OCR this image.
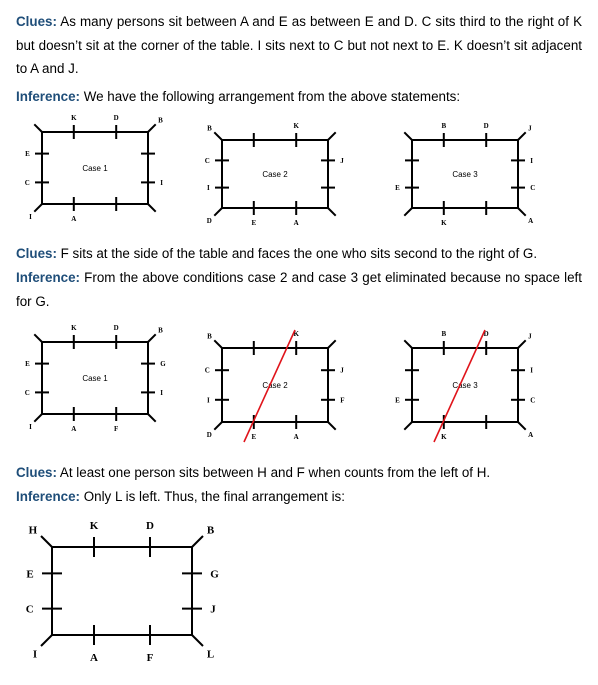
Clues: As many persons sit between A and E as between E and D. C sits third to the right of K but doesn’t sit at the corner of the table. I sits next to C but not next to E. K doesn’t sit adjacent to A and J.
Inference: We have the following arrangement from the above statements:
K	D	B
E
C	I
I	A
Case 1
K
B
C
I
J
D	E	A
Case 2
B	D	J
E
I
C
A
K
Case 3
Clues: F sits at the side of the table and faces the one who sits second to the right of G.
Inference: From the above conditions case 2 and case 3 get eliminated because no space left for G.
K	D	B
E
C
G
I
I	A	F
Case 1
K
B
C
I
J
F
D	E	A
Case 2
B	D	J
E
I
C
A
K
Case 3
Clues: At least one person sits between H and F when counts from the left of H.
Inference: Only L is left. Thus, the final arrangement is:
K	D
H	B
E
C
G
J
I	L
A	F
